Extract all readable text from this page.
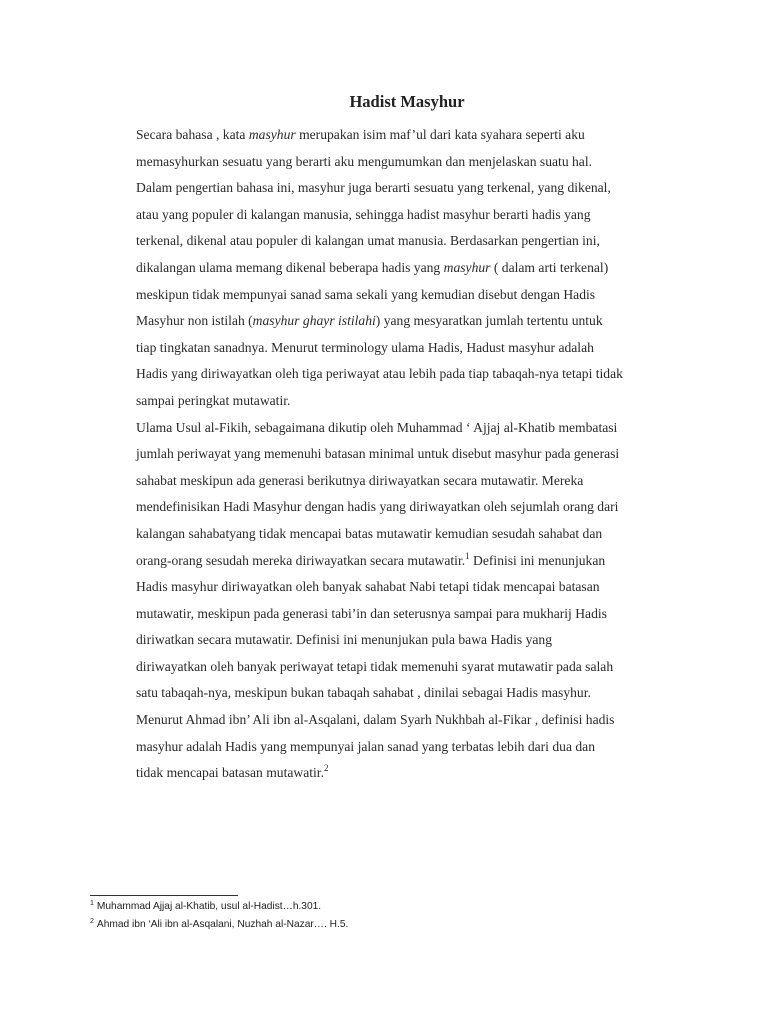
Hadist Masyhur
Secara bahasa , kata masyhur merupakan isim maf’ul dari kata syahara seperti aku
memasyhurkan sesuatu yang berarti aku mengumumkan dan menjelaskan suatu hal.
Dalam pengertian bahasa ini, masyhur juga berarti sesuatu yang terkenal, yang dikenal,
atau yang populer di kalangan manusia, sehingga hadist masyhur berarti hadis yang
terkenal, dikenal atau populer di kalangan umat manusia. Berdasarkan pengertian ini,
dikalangan ulama memang dikenal beberapa hadis yang masyhur ( dalam arti terkenal)
meskipun tidak mempunyai sanad sama sekali yang kemudian disebut dengan Hadis
Masyhur non istilah (masyhur ghayr istilahi) yang mesyaratkan jumlah tertentu untuk
tiap tingkatan sanadnya. Menurut terminology ulama Hadis, Hadust masyhur adalah
Hadis yang diriwayatkan oleh tiga periwayat atau lebih pada tiap tabaqah-nya tetapi tidak
sampai peringkat mutawatir.
Ulama Usul al-Fikih, sebagaimana dikutip oleh Muhammad ‘ Ajjaj al-Khatib membatasi
jumlah periwayat yang memenuhi batasan minimal untuk disebut masyhur pada generasi
sahabat meskipun ada generasi berikutnya diriwayatkan secara mutawatir. Mereka
mendefinisikan Hadi Masyhur dengan hadis yang diriwayatkan oleh sejumlah orang dari
kalangan sahabatyang tidak mencapai batas mutawatir kemudian sesudah sahabat dan
orang-orang sesudah mereka diriwayatkan secara mutawatir.$^1$ Definisi ini menunjukan
Hadis masyhur diriwayatkan oleh banyak sahabat Nabi tetapi tidak mencapai batasan
mutawatir, meskipun pada generasi tabi’in dan seterusnya sampai para mukharij Hadis
diriwatkan secara mutawatir. Definisi ini menunjukan pula bawa Hadis yang
diriwayatkan oleh banyak periwayat tetapi tidak memenuhi syarat mutawatir pada salah
satu tabaqah-nya, meskipun bukan tabaqah sahabat , dinilai sebagai Hadis masyhur.
Menurut Ahmad ibn’ Ali ibn al-Asqalani, dalam Syarh Nukhbah al-Fikar , definisi hadis
masyhur adalah Hadis yang mempunyai jalan sanad yang terbatas lebih dari dua dan
tidak mencapai batasan mutawatir.$^2$
$^1$ Muhammad Ajjaj al-Khatib, usul al-Hadist…h.301.
$^2$ Ahmad ibn ‘Ali ibn al-Asqalani, Nuzhah al-Nazar…. H.5.
